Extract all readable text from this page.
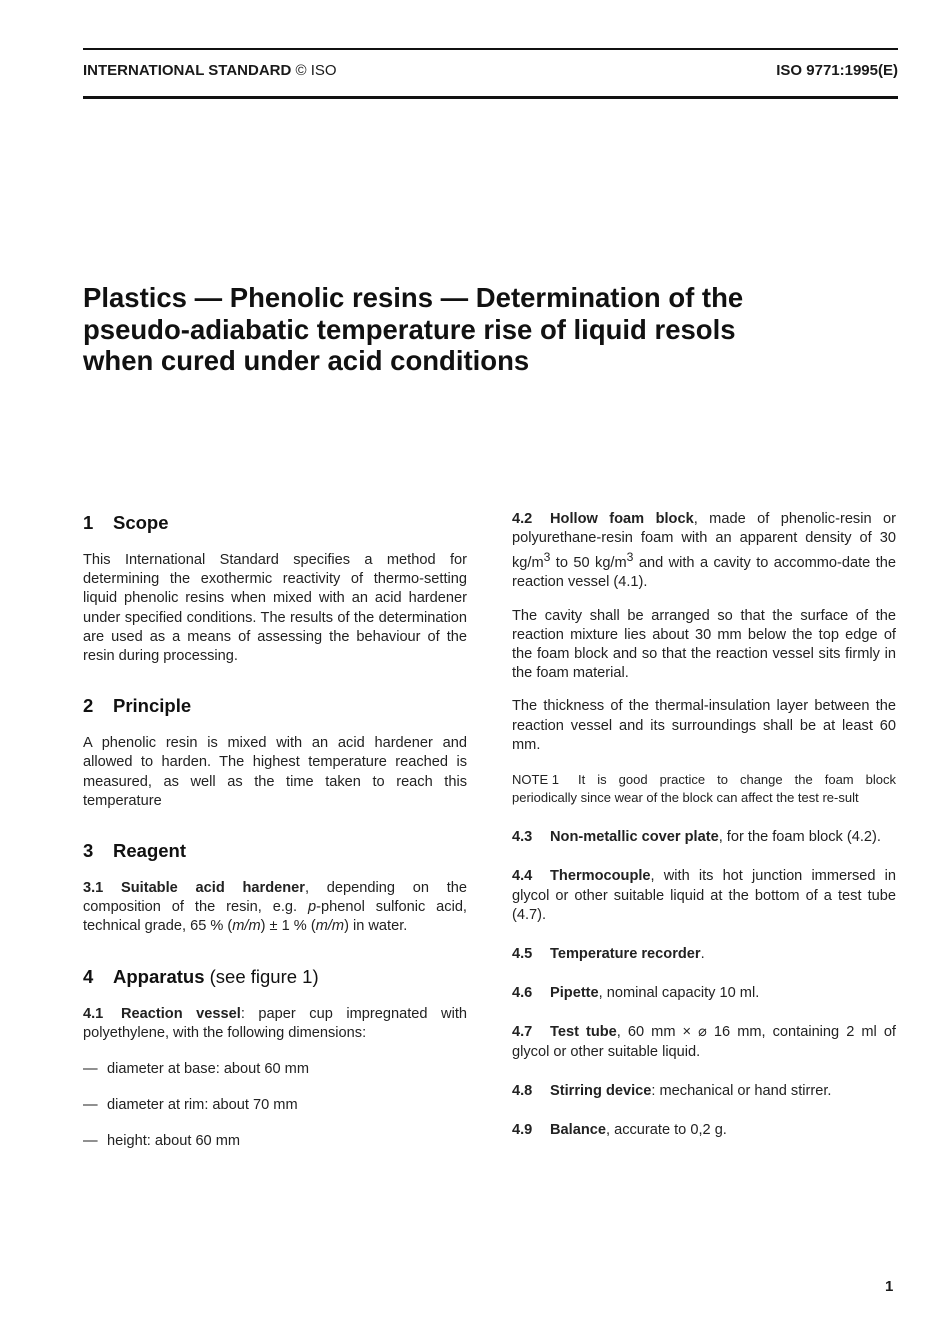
INTERNATIONAL STANDARD © ISO	ISO 9771:1995(E)
Plastics — Phenolic resins — Determination of the
pseudo-adiabatic temperature rise of liquid resols
when cured under acid conditions
1 Scope

This International Standard specifies a method for determining the exothermic reactivity of thermo-setting liquid phenolic resins when mixed with an acid hardener under specified conditions. The results of the determination are used as a means of assessing the behaviour of the resin during processing.

2 Principle

A phenolic resin is mixed with an acid hardener and allowed to harden. The highest temperature reached is measured, as well as the time taken to reach this temperature

3 Reagent

3.1 Suitable acid hardener, depending on the composition of the resin, e.g. p-phenol sulfonic acid, technical grade, 65 % (m/m) ± 1 % (m/m) in water.

4 Apparatus (see figure 1)

4.1 Reaction vessel: paper cup impregnated with polyethylene, with the following dimensions:

— diameter at base: about 60 mm

— diameter at rim: about 70 mm

— height: about 60 mm

4.2 Hollow foam block, made of phenolic-resin or polyurethane-resin foam with an apparent density of 30 $kg/m^3$ to 50 $kg/m^3$ and with a cavity to accommo-date the reaction vessel (4.1).

The cavity shall be arranged so that the surface of the reaction mixture lies about 30 mm below the top edge of the foam block and so that the reaction vessel sits firmly in the foam material.

The thickness of the thermal-insulation layer between the reaction vessel and its surroundings shall be at least 60 mm.

NOTE 1 It is good practice to change the foam block periodically since wear of the block can affect the test re-sult

4.3 Non-metallic cover plate, for the foam block (4.2).

4.4 Thermocouple, with its hot junction immersed in glycol or other suitable liquid at the bottom of a test tube (4.7).

4.5 Temperature recorder.

4.6 Pipette, nominal capacity 10 ml.

4.7 Test tube, 60 mm × ⌀ 16 mm, containing 2 ml of glycol or other suitable liquid.

4.8 Stirring device: mechanical or hand stirrer.

4.9 Balance, accurate to 0,2 g.

1
